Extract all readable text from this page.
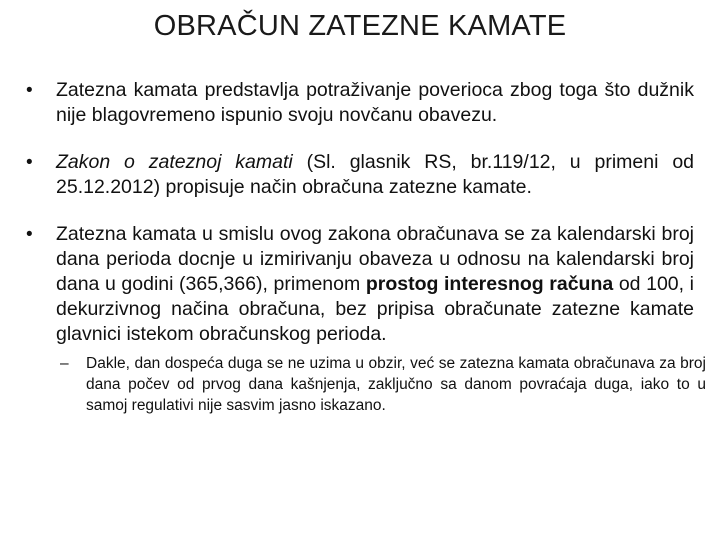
OBRAČUN ZATEZNE KAMATE
•	Zatezna kamata predstavlja potraživanje poverioca zbog toga što dužnik nije blagovremeno ispunio svoju novčanu obavezu.
•	Zakon o zateznoj kamati (Sl. glasnik RS, br.119/12, u primeni od 25.12.2012) propisuje način obračuna zatezne kamate.
•	Zatezna kamata u smislu ovog zakona obračunava se za kalendarski broj dana perioda docnje u izmirivanju obaveza u odnosu na kalendarski broj dana u godini (365,366), primenom prostog interesnog računa od 100, i dekurzivnog načina obračuna, bez pripisa obračunate zatezne kamate glavnici istekom obračunskog perioda.
– Dakle, dan dospeća duga se ne uzima u obzir, već se zatezna kamata obračunava za broj dana počev od prvog dana kašnjenja, zaključno sa danom povraćaja duga, iako to u samoj regulativi nije sasvim jasno iskazano.
